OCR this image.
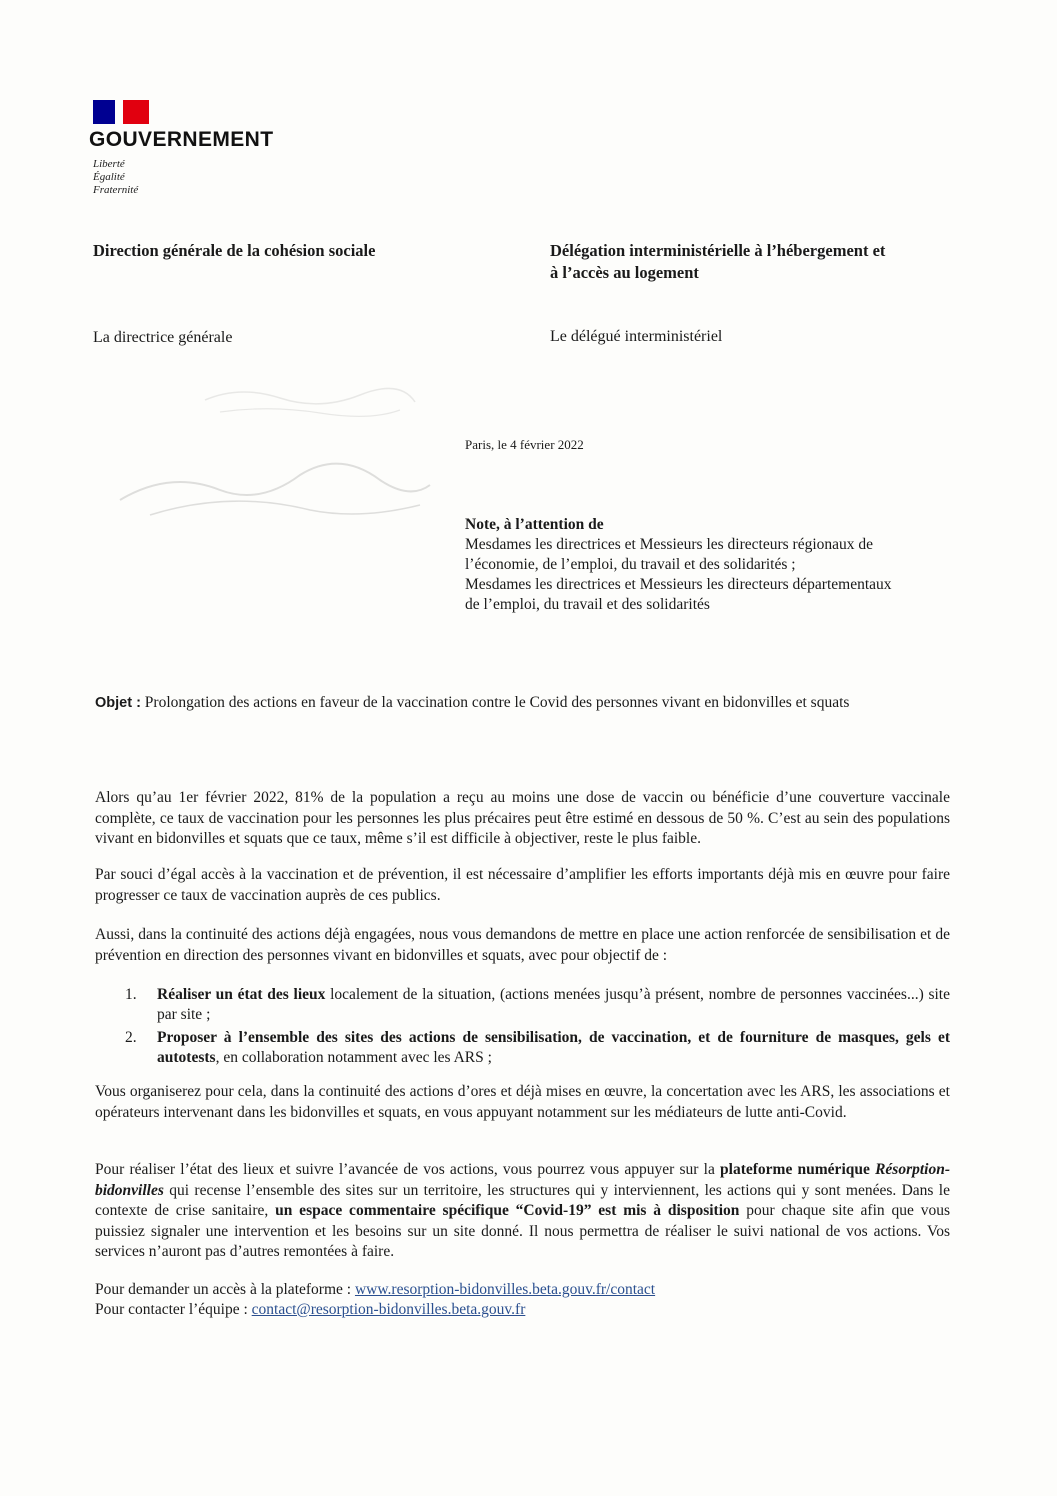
GOUVERNEMENT
Liberté
Égalité
Fraternité
Direction générale de la cohésion sociale	Délégation interministérielle à l’hébergement et
à l’accès au logement
La directrice générale	Le délégué interministériel
Paris, le 4 février 2022
Note, à l’attention de
Mesdames les directrices et Messieurs les directeurs régionaux de
l’économie, de l’emploi, du travail et des solidarités ;
Mesdames les directrices et Messieurs les directeurs départementaux
de l’emploi, du travail et des solidarités
Objet : Prolongation des actions en faveur de la vaccination contre le Covid des personnes vivant en bidonvilles et squats
Alors qu’au 1er février 2022, 81% de la population a reçu au moins une dose de vaccin ou bénéficie d’une couverture vaccinale complète, ce taux de vaccination pour les personnes les plus précaires peut être estimé en dessous de 50 %. C’est au sein des populations vivant en bidonvilles et squats que ce taux, même s’il est difficile à objectiver, reste le plus faible.
Par souci d’égal accès à la vaccination et de prévention, il est nécessaire d’amplifier les efforts importants déjà mis en œuvre pour faire progresser ce taux de vaccination auprès de ces publics.
Aussi, dans la continuité des actions déjà engagées, nous vous demandons de mettre en place une action renforcée de sensibilisation et de prévention en direction des personnes vivant en bidonvilles et squats, avec pour objectif de :
1. Réaliser un état des lieux localement de la situation, (actions menées jusqu’à présent, nombre de personnes vaccinées...) site par site ;
2. Proposer à l’ensemble des sites des actions de sensibilisation, de vaccination, et de fourniture de masques, gels et autotests, en collaboration notamment avec les ARS ;
Vous organiserez pour cela, dans la continuité des actions d’ores et déjà mises en œuvre, la concertation avec les ARS, les associations et opérateurs intervenant dans les bidonvilles et squats, en vous appuyant notamment sur les médiateurs de lutte anti-Covid.
Pour réaliser l’état des lieux et suivre l’avancée de vos actions, vous pourrez vous appuyer sur la plateforme numérique Résorption-bidonvilles qui recense l’ensemble des sites sur un territoire, les structures qui y interviennent, les actions qui y sont menées. Dans le contexte de crise sanitaire, un espace commentaire spécifique “Covid-19” est mis à disposition pour chaque site afin que vous puissiez signaler une intervention et les besoins sur un site donné. Il nous permettra de réaliser le suivi national de vos actions. Vos services n’auront pas d’autres remontées à faire.
Pour demander un accès à la plateforme : www.resorption-bidonvilles.beta.gouv.fr/contact
Pour contacter l’équipe : contact@resorption-bidonvilles.beta.gouv.fr
